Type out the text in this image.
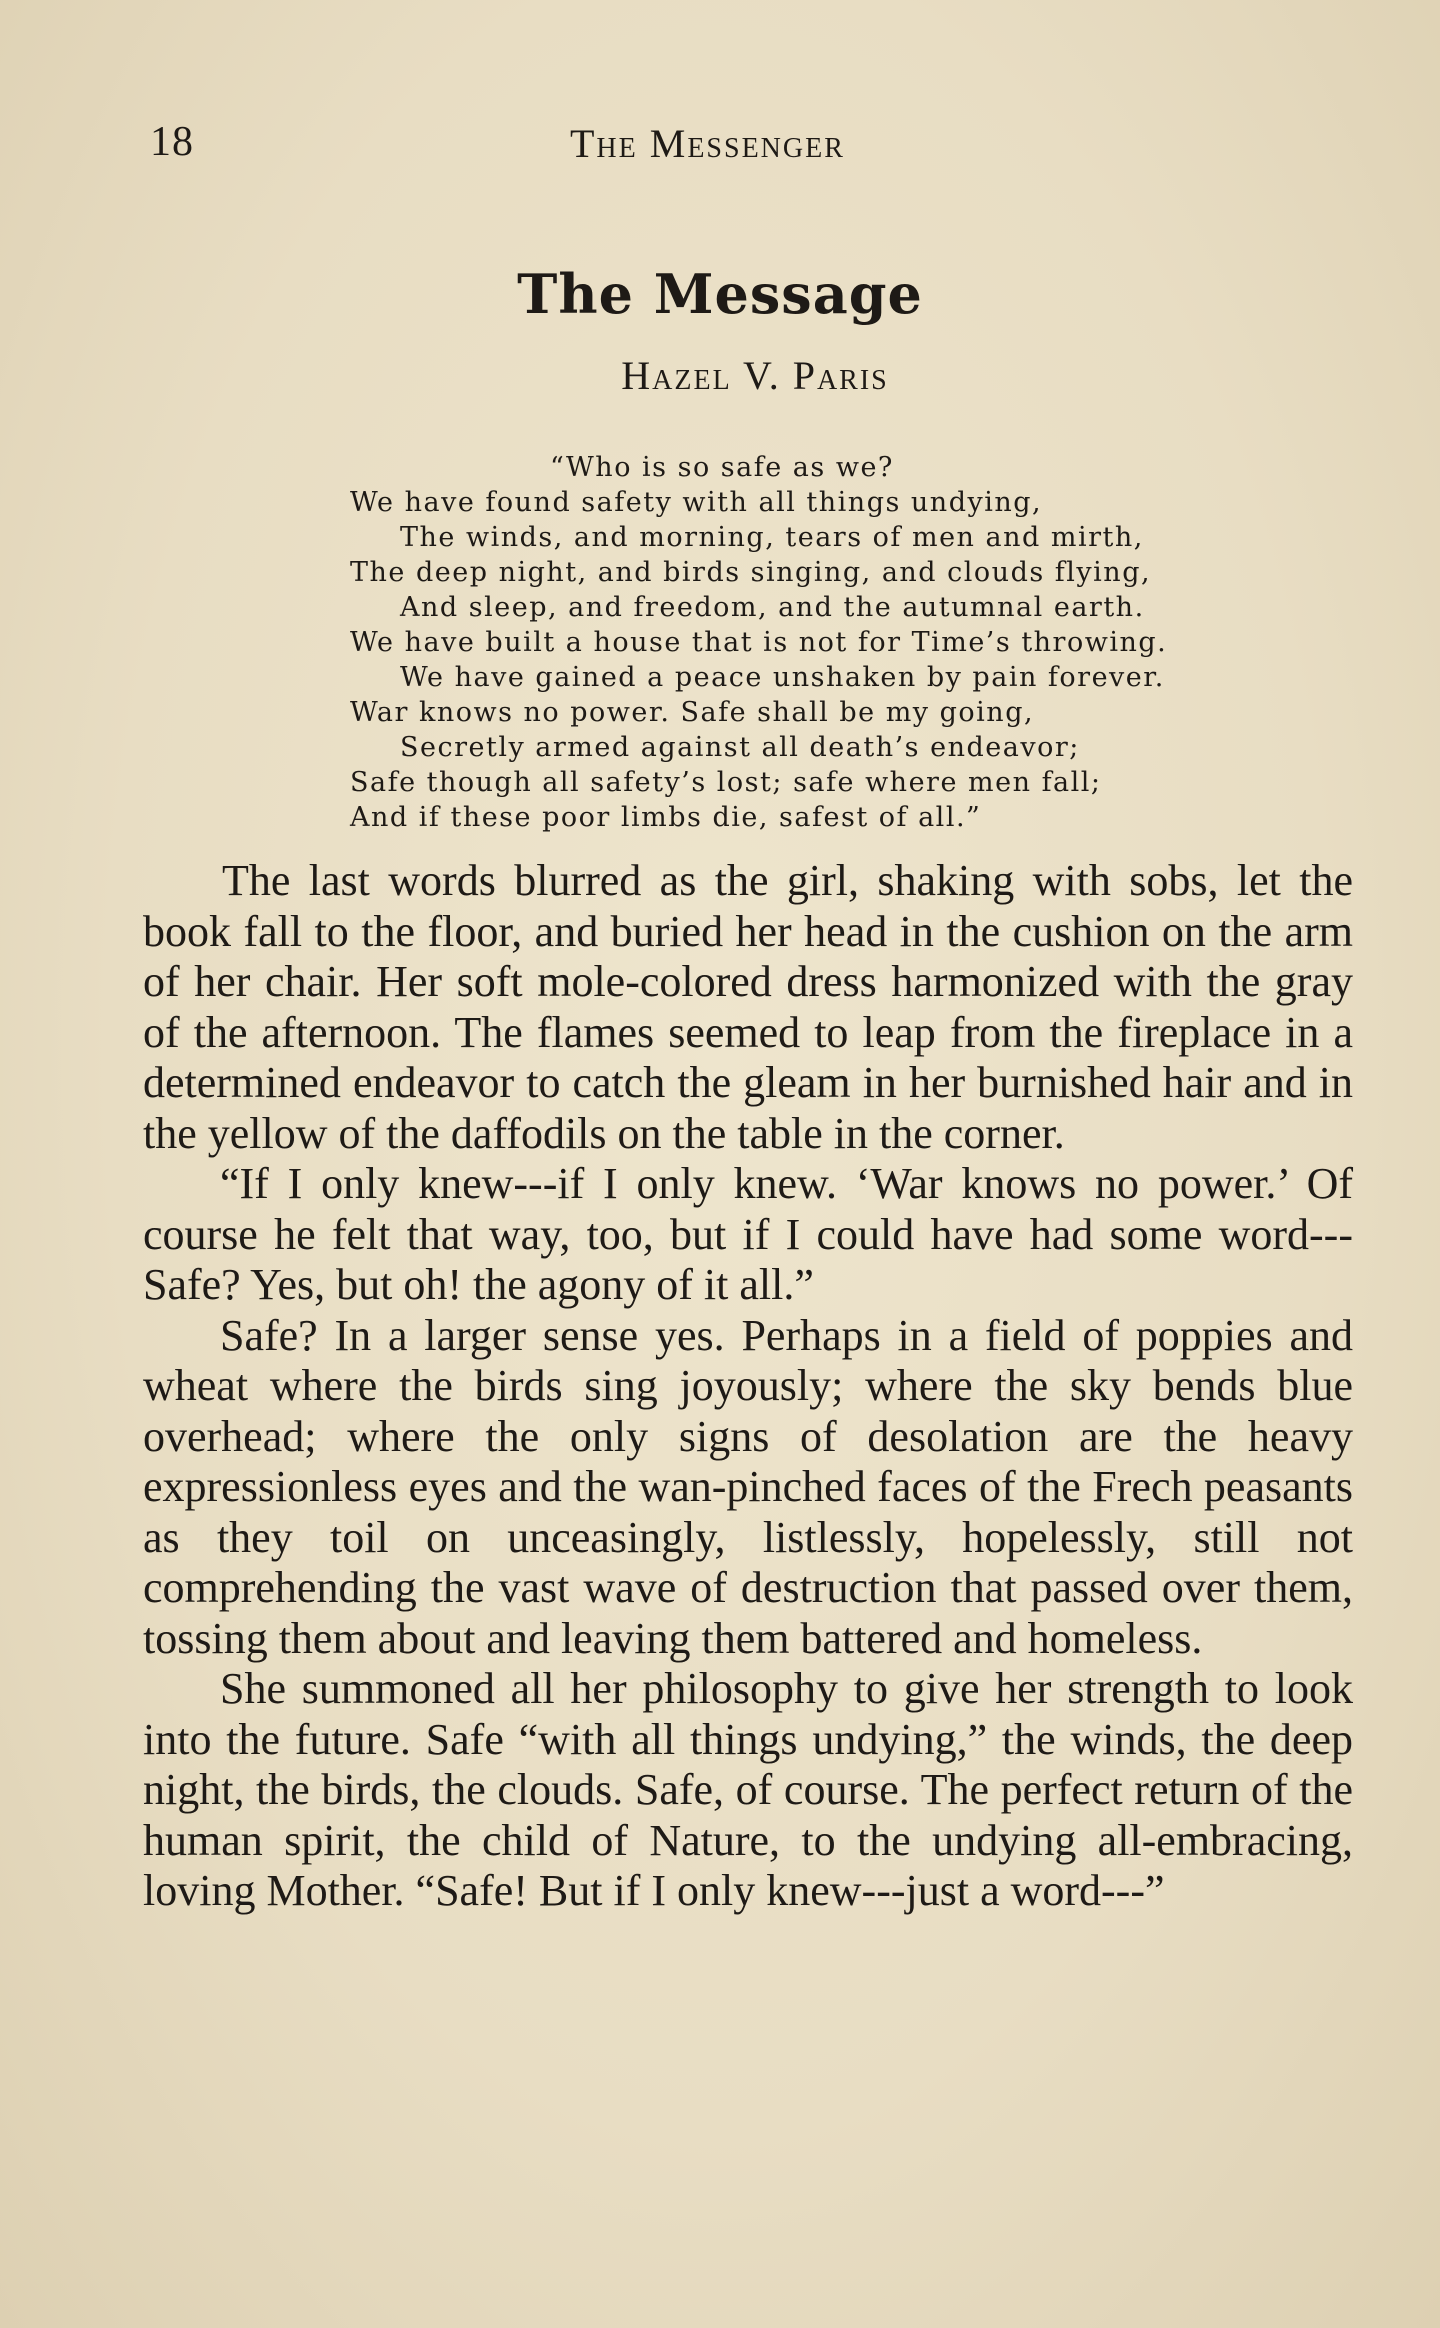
18	The Messenger
The Message
Hazel V. Paris
“Who is so safe as we?
We have found safety with all things undying,
The winds, and morning, tears of men and mirth,
The deep night, and birds singing, and clouds flying,
And sleep, and freedom, and the autumnal earth.
We have built a house that is not for Time’s throwing.
We have gained a peace unshaken by pain forever.
War knows no power. Safe shall be my going,
Secretly armed against all death’s endeavor;
Safe though all safety’s lost; safe where men fall;
And if these poor limbs die, safest of all.”

The last words blurred as the girl, shaking with sobs, let the book fall to the floor, and buried her head in the cushion on the arm of her chair. Her soft mole-colored dress harmonized with the gray of the afternoon. The flames seemed to leap from the fireplace in a determined endeavor to catch the gleam in her burnished hair and in the yellow of the daffodils on the table in the corner.

“If I only knew---if I only knew. ‘War knows no power.’ Of course he felt that way, too, but if I could have had some word---Safe? Yes, but oh! the agony of it all.”

Safe? In a larger sense yes. Perhaps in a field of poppies and wheat where the birds sing joyously; where the sky bends blue overhead; where the only signs of desolation are the heavy expressionless eyes and the wan-pinched faces of the Frech peasants as they toil on unceasingly, listlessly, hopelessly, still not comprehending the vast wave of destruction that passed over them, tossing them about and leaving them battered and homeless.

She summoned all her philosophy to give her strength to look into the future. Safe “with all things undying,” the winds, the deep night, the birds, the clouds. Safe, of course. The perfect return of the human spirit, the child of Nature, to the undying all-embracing, loving Mother. “Safe! But if I only knew---just a word---”
